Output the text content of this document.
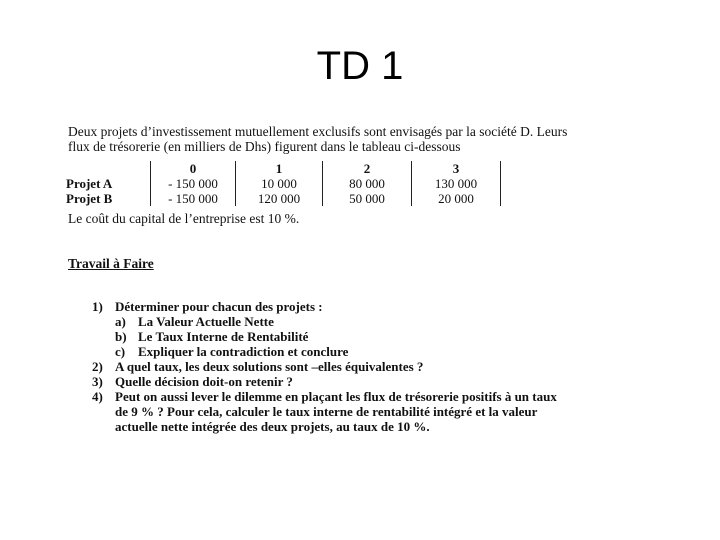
TD 1

Deux projets d’investissement mutuellement exclusifs sont envisagés par la société D. Leurs

flux de trésorerie (en milliers de Dhs) figurent dans le tableau ci-dessous

	0	1	2	3
Projet A	- 150 000	10 000	80 000	130 000
Projet B	- 150 000	120 000	50 000	20 000

Le coût du capital de l’entreprise est 10 %.

Travail à Faire

1) Déterminer pour chacun des projets :
a) La Valeur Actuelle Nette
b) Le Taux Interne de Rentabilité
c) Expliquer la contradiction et conclure
2) A quel taux, les deux solutions sont –elles équivalentes ?
3) Quelle décision doit-on retenir ?
4) Peut on aussi lever le dilemme en plaçant les flux de trésorerie positifs à un taux
de 9 % ? Pour cela, calculer le taux interne de rentabilité intégré et la valeur
actuelle nette intégrée des deux projets, au taux de 10 %.
